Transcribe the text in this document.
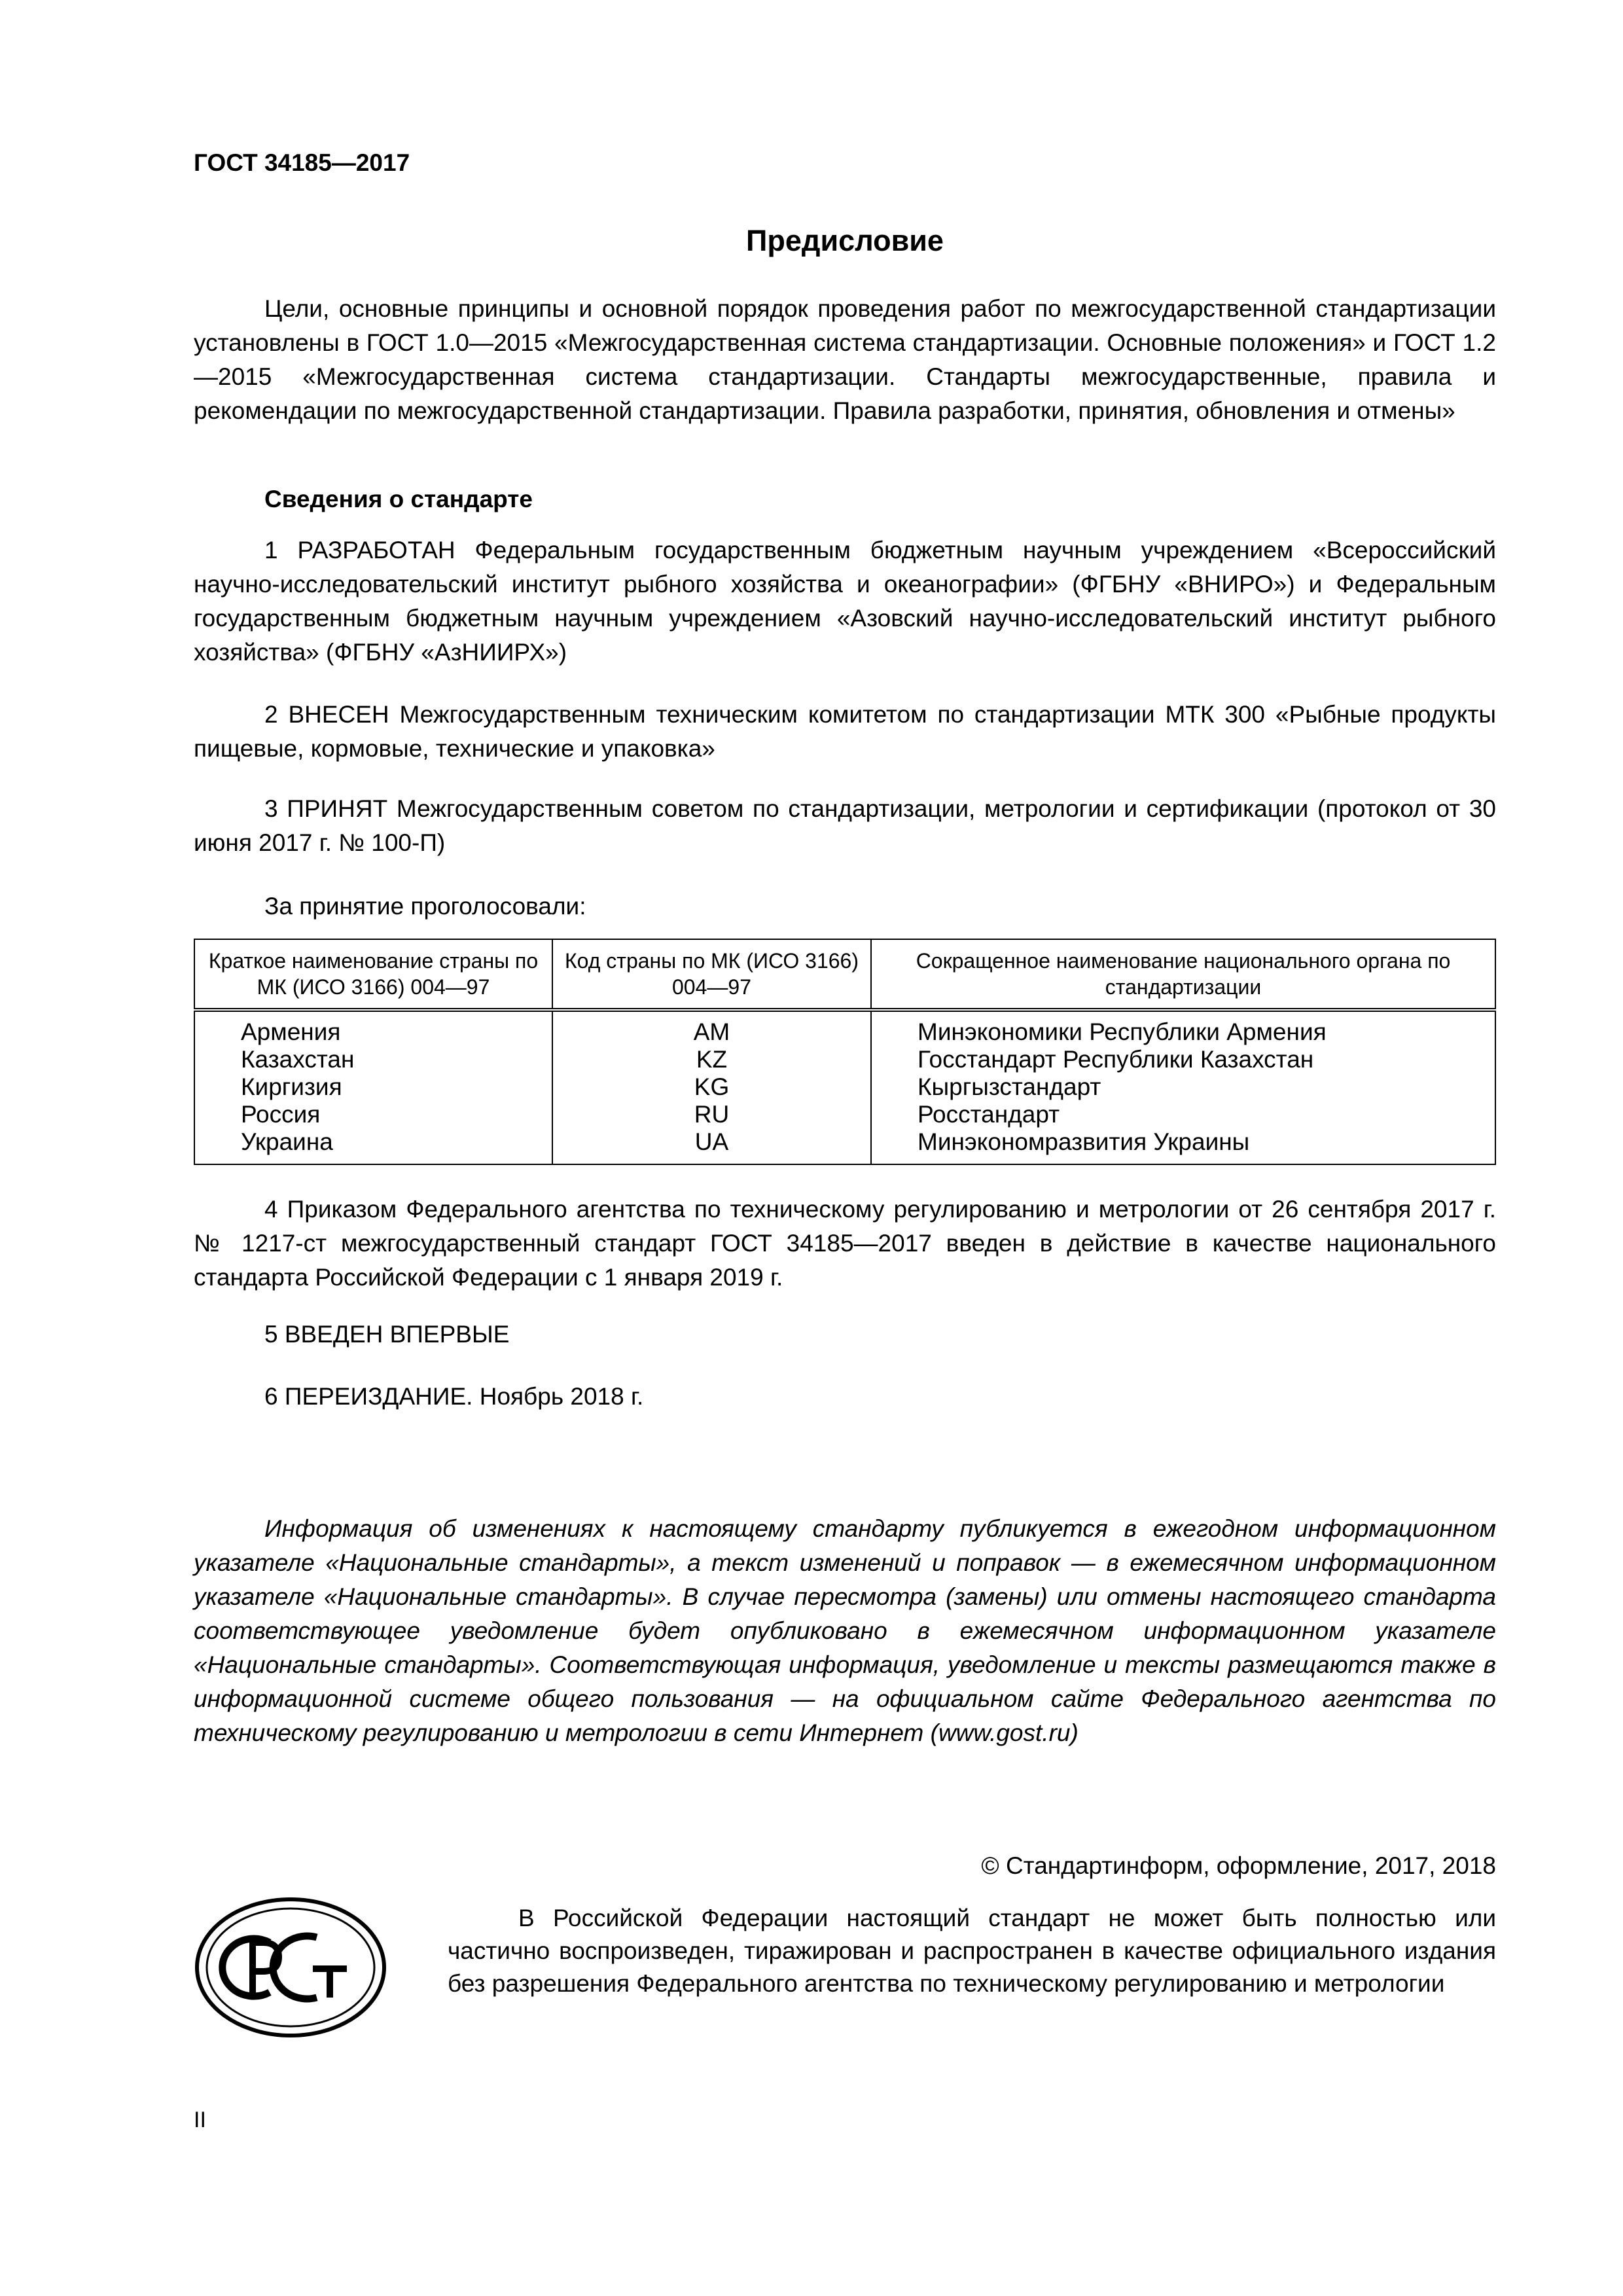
ГОСТ 34185—2017
Предисловие

Цели, основные принципы и основной порядок проведения работ по межгосударственной стандартизации установлены в ГОСТ 1.0—2015 «Межгосударственная система стандартизации. Основные положения» и ГОСТ 1.2—2015 «Межгосударственная система стандартизации. Стандарты межгосударственные, правила и рекомендации по межгосударственной стандартизации. Правила разработки, принятия, обновления и отмены»

Сведения о стандарте

1 РАЗРАБОТАН Федеральным государственным бюджетным научным учреждением «Всероссийский научно-исследовательский институт рыбного хозяйства и океанографии» (ФГБНУ «ВНИРО») и Федеральным государственным бюджетным научным учреждением «Азовский научно-исследовательский институт рыбного хозяйства» (ФГБНУ «АзНИИРХ»)

2 ВНЕСЕН Межгосударственным техническим комитетом по стандартизации МТК 300 «Рыбные продукты пищевые, кормовые, технические и упаковка»

3 ПРИНЯТ Межгосударственным советом по стандартизации, метрологии и сертификации (протокол от 30 июня 2017 г. № 100-П)

За принятие проголосовали:
Краткое наименование страны по МК (ИСО 3166) 004—97	Код страны по МК (ИСО 3166) 004—97	Сокращенное наименование национального органа по стандартизации
Армения	AM	Минэкономики Республики Армения
Казахстан	KZ	Госстандарт Республики Казахстан
Киргизия	KG	Кыргызстандарт
Россия	RU	Росстандарт
Украина	UA	Минэкономразвития Украины

4 Приказом Федерального агентства по техническому регулированию и метрологии от 26 сентября 2017 г. № 1217-ст межгосударственный стандарт ГОСТ 34185—2017 введен в действие в качестве национального стандарта Российской Федерации с 1 января 2019 г.

5 ВВЕДЕН ВПЕРВЫЕ
6 ПЕРЕИЗДАНИЕ. Ноябрь 2018 г.

Информация об изменениях к настоящему стандарту публикуется в ежегодном информационном указателе «Национальные стандарты», а текст изменений и поправок — в ежемесячном информационном указателе «Национальные стандарты». В случае пересмотра (замены) или отмены настоящего стандарта соответствующее уведомление будет опубликовано в ежемесячном информационном указателе «Национальные стандарты». Соответствующая информация, уведомление и тексты размещаются также в информационной системе общего пользования — на официальном сайте Федерального агентства по техническому регулированию и метрологии в сети Интернет (www.gost.ru)

© Стандартинформ, оформление, 2017, 2018

В Российской Федерации настоящий стандарт не может быть полностью или частично воспроизведен, тиражирован и распространен в качестве официального издания без разрешения Федерального агентства по техническому регулированию и метрологии

II
